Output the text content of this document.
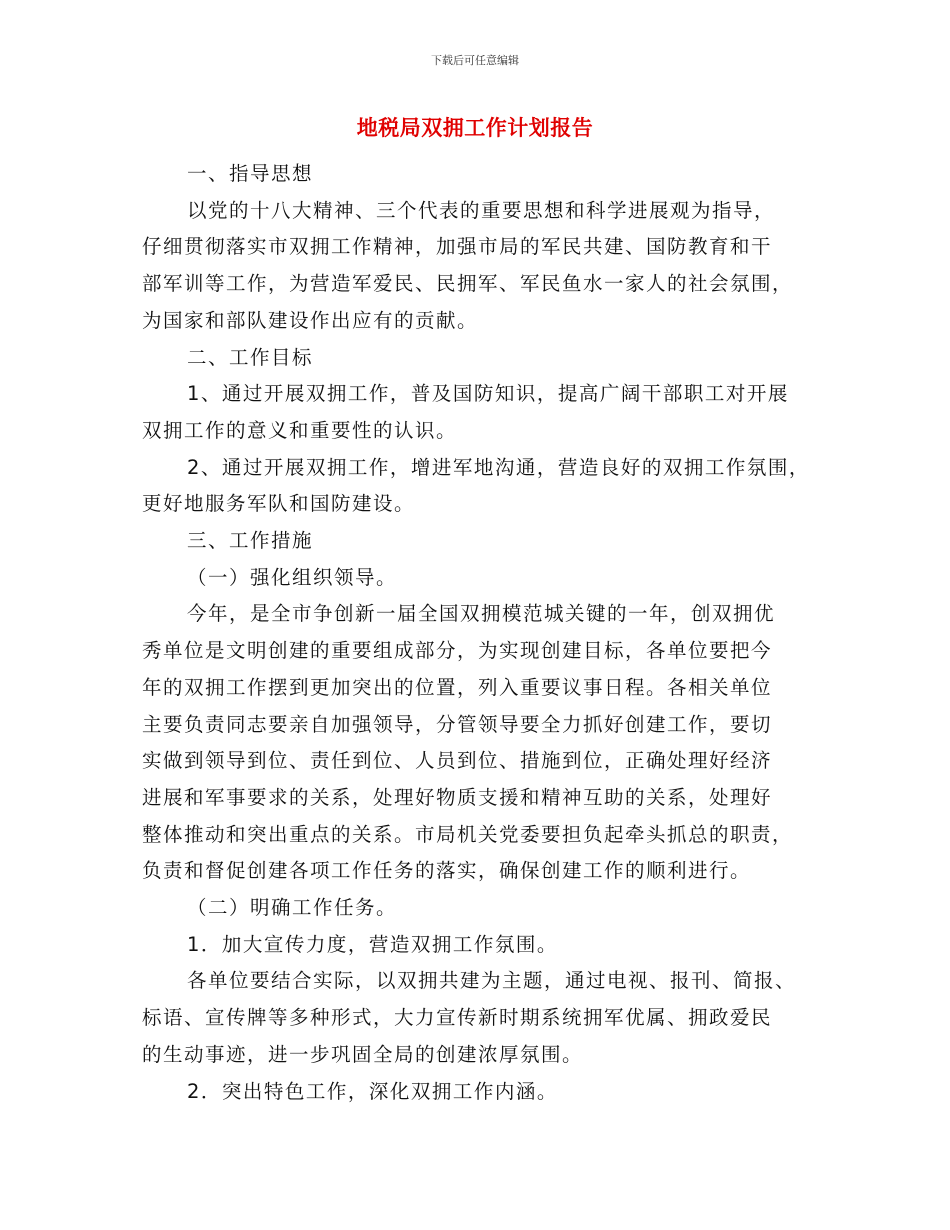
下载后可任意编辑
地税局双拥工作计划报告

一、指导思想

以党的十八大精神、三个代表的重要思想和科学进展观为指导，

仔细贯彻落实市双拥工作精神，加强市局的军民共建、国防教育和干

部军训等工作，为营造军爱民、民拥军、军民鱼水一家人的社会氛围，

为国家和部队建设作出应有的贡献。

二、工作目标

1、通过开展双拥工作，普及国防知识，提高广阔干部职工对开展

双拥工作的意义和重要性的认识。

2、通过开展双拥工作，增进军地沟通，营造良好的双拥工作氛围，

更好地服务军队和国防建设。

三、工作措施

（一）强化组织领导。

今年，是全市争创新一届全国双拥模范城关键的一年，创双拥优

秀单位是文明创建的重要组成部分，为实现创建目标，各单位要把今

年的双拥工作摆到更加突出的位置，列入重要议事日程。各相关单位

主要负责同志要亲自加强领导，分管领导要全力抓好创建工作，要切

实做到领导到位、责任到位、人员到位、措施到位，正确处理好经济

进展和军事要求的关系，处理好物质支援和精神互助的关系，处理好

整体推动和突出重点的关系。市局机关党委要担负起牵头抓总的职责，

负责和督促创建各项工作任务的落实，确保创建工作的顺利进行。

（二）明确工作任务。

1．加大宣传力度，营造双拥工作氛围。

各单位要结合实际，以双拥共建为主题，通过电视、报刊、简报、

标语、宣传牌等多种形式，大力宣传新时期系统拥军优属、拥政爱民

的生动事迹，进一步巩固全局的创建浓厚氛围。

2．突出特色工作，深化双拥工作内涵。
